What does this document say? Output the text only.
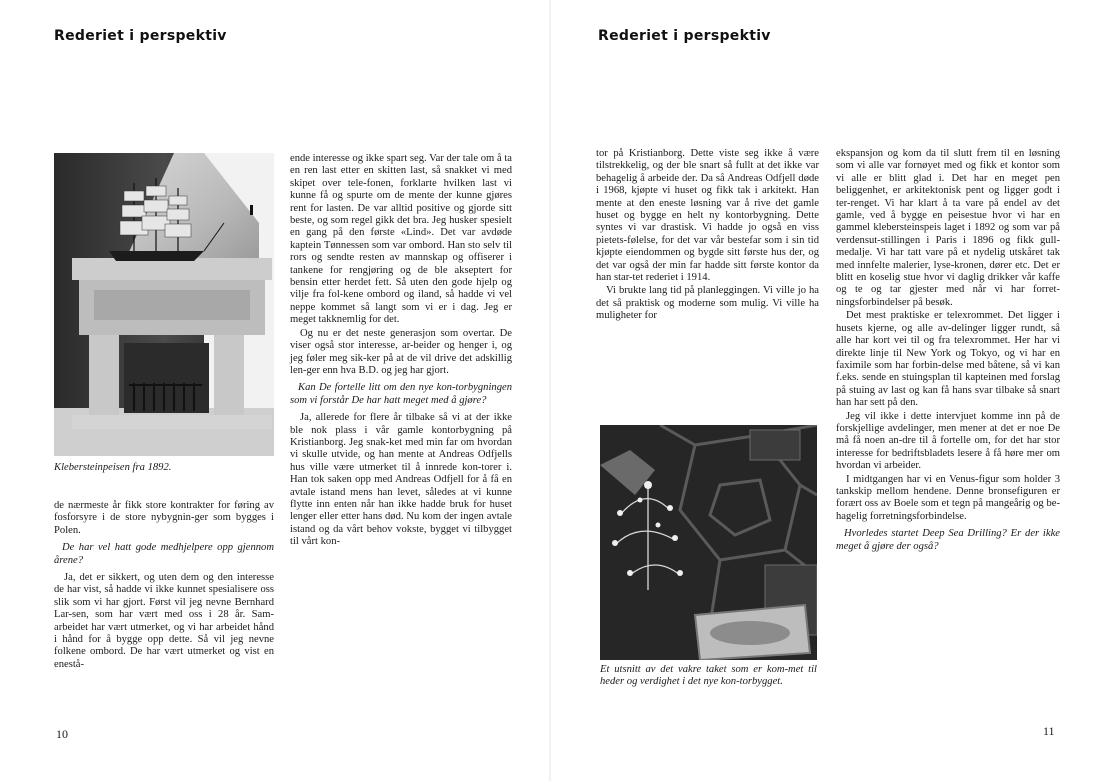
Rederiet i perspektiv

Klebersteinpeisen fra 1892.

de nærmeste år fikk store kontrakter for føring av fosforsyre i de store nybygnin-ger som bygges i Polen.

De har vel hatt gode medhjelpere opp gjennom årene?

Ja, det er sikkert, og uten dem og den interesse de har vist, så hadde vi ikke kunnet spesialisere oss slik som vi har gjort. Først vil jeg nevne Bernhard Lar-sen, som har vært med oss i 28 år. Sam-arbeidet har vært utmerket, og vi har arbeidet hånd i hånd for å bygge opp dette. Så vil jeg nevne folkene ombord. De har vært utmerket og vist en enestå-

ende interesse og ikke spart seg. Var der tale om å ta en ren last etter en skitten last, så snakket vi med skipet over tele-fonen, forklarte hvilken last vi kunne få og spurte om de mente der kunne gjøres rent for lasten. De var alltid positive og gjorde sitt beste, og som regel gikk det bra. Jeg husker spesielt en gang på den første «Lind». Det var avdøde kaptein Tønnessen som var ombord. Han sto selv til rors og sendte resten av mannskap og offiserer i tankene for rengjøring og de ble akseptert for bensin etter herdet fett. Så uten den gode hjelp og vilje fra fol-kene ombord og iland, så hadde vi vel neppe kommet så langt som vi er i dag. Jeg er meget takknemlig for det.

Og nu er det neste generasjon som overtar. De viser også stor interesse, ar-beider og henger i, og jeg føler meg sik-ker på at de vil drive det adskillig len-ger enn hva B.D. og jeg har gjort.

Kan De fortelle litt om den nye kon-torbygningen som vi forstår De har hatt meget med å gjøre?

Ja, allerede for flere år tilbake så vi at der ikke ble nok plass i vår gamle kontorbygning på Kristianborg. Jeg snak-ket med min far om hvordan vi skulle utvide, og han mente at Andreas Odfjells hus ville være utmerket til å innrede kon-torer i. Han tok saken opp med Andreas Odfjell for å få en avtale istand mens han levet, således at vi kunne flytte inn enten når han ikke hadde bruk for huset lenger eller etter hans død. Nu kom der ingen avtale istand og da vårt behov vokste, bygget vi tilbygget til vårt kon-

10
Rederiet i perspektiv

tor på Kristianborg. Dette viste seg ikke å være tilstrekkelig, og der ble snart så fullt at det ikke var behagelig å arbeide der. Da så Andreas Odfjell døde i 1968, kjøpte vi huset og fikk tak i arkitekt. Han mente at den eneste løsning var å rive det gamle huset og bygge en helt ny kontorbygning. Dette syntes vi var drastisk. Vi hadde jo også en viss pietets-følelse, for det var vår bestefar som i sin tid kjøpte eiendommen og bygde sitt første hus der, og det var også der min far hadde sitt første kontor da han star-tet rederiet i 1914.

Vi brukte lang tid på planleggingen. Vi ville jo ha det så praktisk og moderne som mulig. Vi ville ha muligheter for

Et utsnitt av det vakre taket som er kom-met til heder og verdighet i det nye kon-torbygget.

ekspansjon og kom da til slutt frem til en løsning som vi alle var fornøyet med og fikk et kontor som vi alle er blitt glad i. Det har en meget pen beliggenhet, er arkitektonisk pent og ligger godt i ter-renget. Vi har klart å ta vare på endel av det gamle, ved å bygge en peisestue hvor vi har en gammel klebersteinspeis laget i 1892 og som var på verdensut-stillingen i Paris i 1896 og fikk gull-medalje. Vi har tatt vare på et nydelig utskåret tak med innfelte malerier, lyse-kronen, dører etc. Det er blitt en koselig stue hvor vi daglig drikker vår kaffe og te og tar gjester med når vi har forret-ningsforbindelser på besøk.

Det mest praktiske er telexrommet. Det ligger i husets kjerne, og alle av-delinger ligger rundt, så alle har kort vei til og fra telexrommet. Her har vi direkte linje til New York og Tokyo, og vi har en faximile som har forbin-delse med båtene, så vi kan f.eks. sende en stuingsplan til kapteinen med forslag på stuing av last og kan få hans svar tilbake så snart han har sett på den.

Jeg vil ikke i dette intervjuet komme inn på de forskjellige avdelinger, men mener at det er noe De må få noen an-dre til å fortelle om, for det har stor interesse for bedriftsbladets lesere å få høre mer om hvordan vi arbeider.

I midtgangen har vi en Venus-figur som holder 3 tankskip mellom hendene. Denne bronsefiguren er forært oss av Boele som et tegn på mangeårig og be-hagelig forretningsforbindelse.

Hvorledes startet Deep Sea Drilling? Er der ikke meget å gjøre der også?

11
